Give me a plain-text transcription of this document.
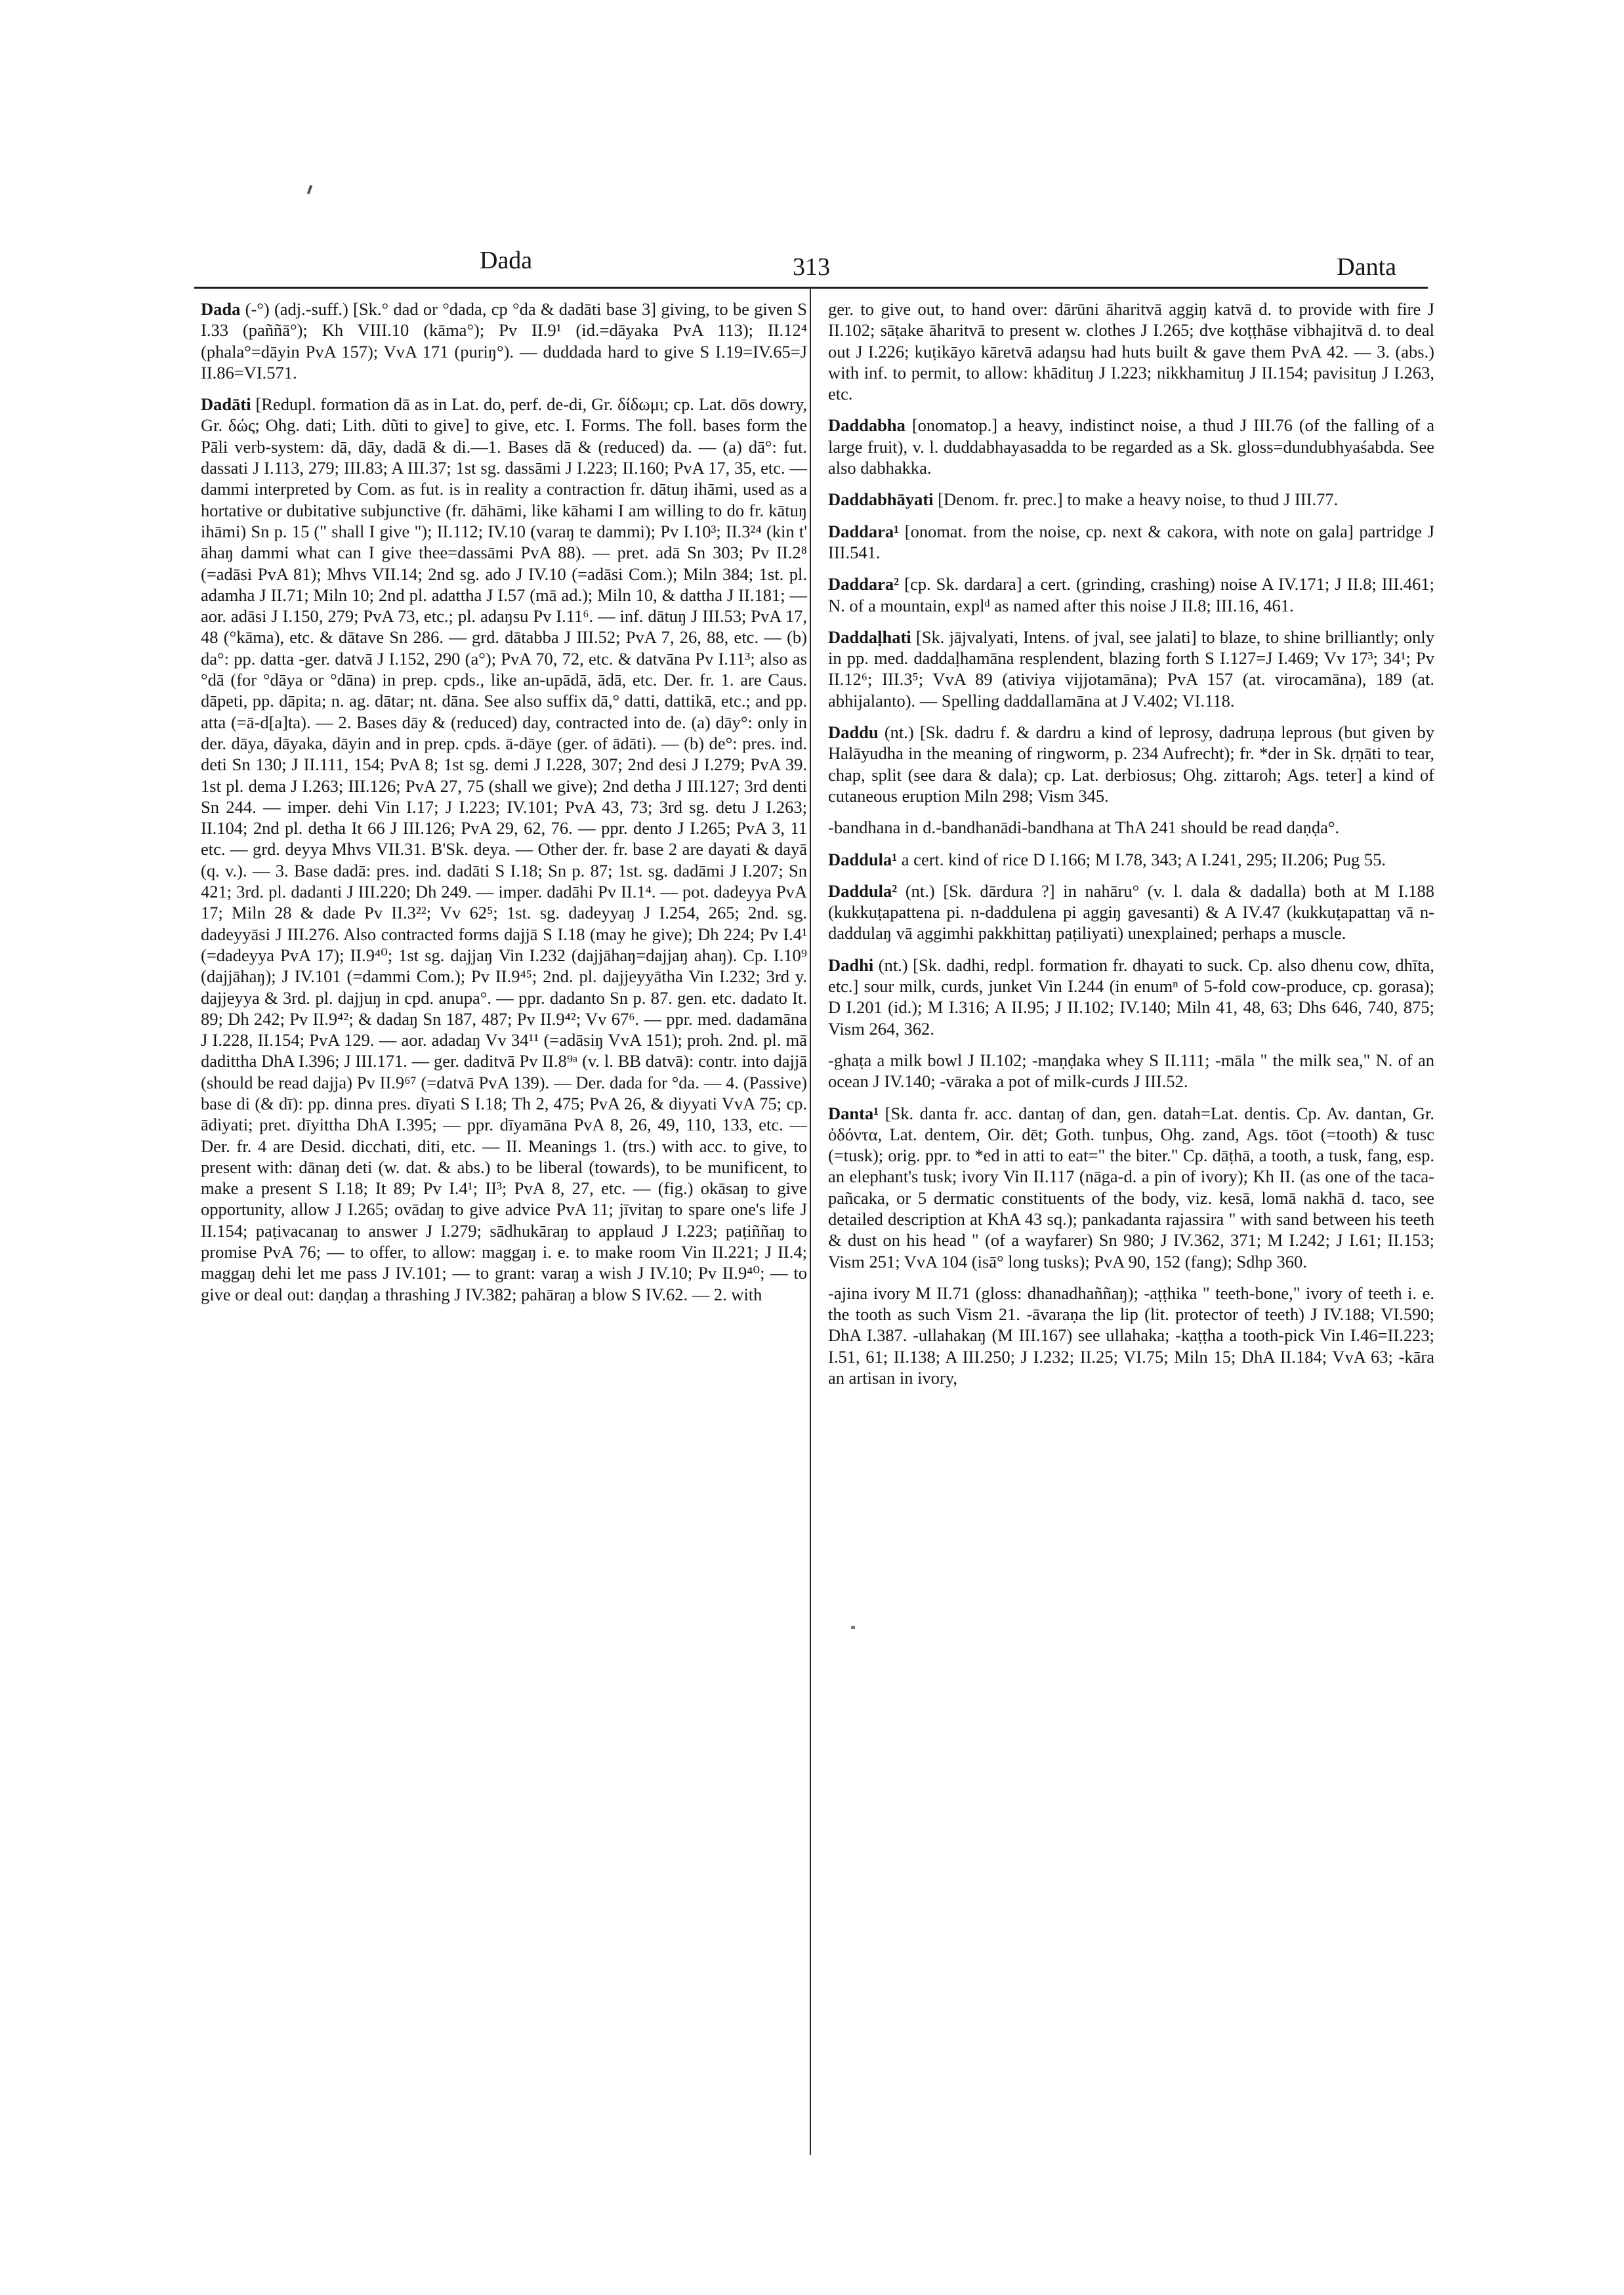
Dada	313	Danta

Dada (-°) (adj.-suff.) [Sk.° dad or °dada, cp °da & dadāti base 3] giving, to be given S I.33 (paññā°); Kh VIII.10 (kāma°); Pv II.9¹ (id.=dāyaka PvA 113); II.12⁴ (phala°=dāyin PvA 157); VvA 171 (puriŋ°). — duddada hard to give S I.19=IV.65=J II.86=VI.571.

Dadāti [Redupl. formation dā as in Lat. do, perf. de-di, Gr. δίδωμι; cp. Lat. dōs dowry, Gr. δώς; Ohg. dati; Lith. dũti to give] to give, etc. I. Forms. The foll. bases form the Pāli verb-system: dā, dāy, dadā & di.—1. Bases dā & (reduced) da. — (a) dā°: fut. dassati J I.113, 279; III.83; A III.37; 1st sg. dassāmi J I.223; II.160; PvA 17, 35, etc. — dammi interpreted by Com. as fut. is in reality a contraction fr. dātuŋ ihāmi, used as a hortative or dubitative subjunctive (fr. dāhāmi, like kāhami I am willing to do fr. kātuŋ ihāmi) Sn p. 15 (" shall I give "); II.112; IV.10 (varaŋ te dammi); Pv I.10³; II.3²⁴ (kin t' āhaŋ dammi what can I give thee=dassāmi PvA 88). — pret. adā Sn 303; Pv II.2⁸ (=adāsi PvA 81); Mhvs VII.14; 2nd sg. ado J IV.10 (=adāsi Com.); Miln 384; 1st. pl. adamha J II.71; Miln 10; 2nd pl. adattha J I.57 (mā ad.); Miln 10, & dattha J II.181; — aor. adāsi J I.150, 279; PvA 73, etc.; pl. adaŋsu Pv I.11⁶. — inf. dātuŋ J III.53; PvA 17, 48 (°kāma), etc. & dātave Sn 286. — grd. dātabba J III.52; PvA 7, 26, 88, etc. — (b) da°: pp. datta -ger. datvā J I.152, 290 (a°); PvA 70, 72, etc. & datvāna Pv I.11³; also as °dā (for °dāya or °dāna) in prep. cpds., like an-upādā, ādā, etc. Der. fr. 1. are Caus. dāpeti, pp. dāpita; n. ag. dātar; nt. dāna. See also suffix dā,° datti, dattikā, etc.; and pp. atta (=ā-d[a]ta). — 2. Bases dāy & (reduced) day, contracted into de. (a) dāy°: only in der. dāya, dāyaka, dāyin and in prep. cpds. ā-dāye (ger. of ādāti). — (b) de°: pres. ind. deti Sn 130; J II.111, 154; PvA 8; 1st sg. demi J I.228, 307; 2nd desi J I.279; PvA 39. 1st pl. dema J I.263; III.126; PvA 27, 75 (shall we give); 2nd detha J III.127; 3rd denti Sn 244. — imper. dehi Vin I.17; J I.223; IV.101; PvA 43, 73; 3rd sg. detu J I.263; II.104; 2nd pl. detha It 66 J III.126; PvA 29, 62, 76. — ppr. dento J I.265; PvA 3, 11 etc. — grd. deyya Mhvs VII.31. B'Sk. deya. — Other der. fr. base 2 are dayati & dayā (q. v.). — 3. Base dadā: pres. ind. dadāti S I.18; Sn p. 87; 1st. sg. dadāmi J I.207; Sn 421; 3rd. pl. dadanti J III.220; Dh 249. — imper. dadāhi Pv II.1⁴. — pot. dadeyya PvA 17; Miln 28 & dade Pv II.3²²; Vv 62⁵; 1st. sg. dadeyyaŋ J I.254, 265; 2nd. sg. dadeyyāsi J III.276. Also contracted forms dajjā S I.18 (may he give); Dh 224; Pv I.4¹ (=dadeyya PvA 17); II.9⁴⁰; 1st sg. dajjaŋ Vin I.232 (dajjāhaŋ=dajjaŋ ahaŋ). Cp. I.10⁹ (dajjāhaŋ); J IV.101 (=dammi Com.); Pv II.9⁴⁵; 2nd. pl. dajjeyyātha Vin I.232; 3rd y. dajjeyya & 3rd. pl. dajjuŋ in cpd. anupa°. — ppr. dadanto Sn p. 87. gen. etc. dadato It. 89; Dh 242; Pv II.9⁴²; & dadaŋ Sn 187, 487; Pv II.9⁴²; Vv 67⁶. — ppr. med. dadamāna J I.228, II.154; PvA 129. — aor. adadaŋ Vv 34¹¹ (=adāsiŋ VvA 151); proh. 2nd. pl. mā dadittha DhA I.396; J III.171. — ger. daditvā Pv II.8⁹ᵃ (v. l. BB datvā): contr. into dajjā (should be read dajja) Pv II.9⁶⁷ (=datvā PvA 139). — Der. dada for °da. — 4. (Passive) base di (& dī): pp. dinna pres. dīyati S I.18; Th 2, 475; PvA 26, & diyyati VvA 75; cp. ādiyati; pret. dīyittha DhA I.395; — ppr. dīyamāna PvA 8, 26, 49, 110, 133, etc. — Der. fr. 4 are Desid. dicchati, diti, etc. — II. Meanings 1. (trs.) with acc. to give, to present with: dānaŋ deti (w. dat. & abs.) to be liberal (towards), to be munificent, to make a present S I.18; It 89; Pv I.4¹; II³; PvA 8, 27, etc. — (fig.) okāsaŋ to give opportunity, allow J I.265; ovādaŋ to give advice PvA 11; jīvitaŋ to spare one's life J II.154; paṭivacanaŋ to answer J I.279; sādhukāraŋ to applaud J I.223; paṭiññaŋ to promise PvA 76; — to offer, to allow: maggaŋ i. e. to make room Vin II.221; J II.4; maggaŋ dehi let me pass J IV.101; — to grant: varaŋ a wish J IV.10; Pv II.9⁴⁰; — to give or deal out: daṇḍaŋ a thrashing J IV.382; pahāraŋ a blow S IV.62. — 2. with

ger. to give out, to hand over: dārūni āharitvā aggiŋ katvā d. to provide with fire J II.102; sāṭake āharitvā to present w. clothes J I.265; dve koṭṭhāse vibhajitvā d. to deal out J I.226; kuṭikāyo kāretvā adaŋsu had huts built & gave them PvA 42. — 3. (abs.) with inf. to permit, to allow: khādituŋ J I.223; nikkhamituŋ J II.154; pavisituŋ J I.263, etc.

Daddabha [onomatop.] a heavy, indistinct noise, a thud J III.76 (of the falling of a large fruit), v. l. duddabhayasadda to be regarded as a Sk. gloss=dundubhyaśabda. See also dabhakka.

Daddabhāyati [Denom. fr. prec.] to make a heavy noise, to thud J III.77.

Daddara¹ [onomat. from the noise, cp. next & cakora, with note on gala] partridge J III.541.

Daddara² [cp. Sk. dardara] a cert. (grinding, crashing) noise A IV.171; J II.8; III.461; N. of a mountain, explᵈ as named after this noise J II.8; III.16, 461.

Daddaḷhati [Sk. jājvalyati, Intens. of jval, see jalati] to blaze, to shine brilliantly; only in pp. med. daddaḷhamāna resplendent, blazing forth S I.127=J I.469; Vv 17³; 34¹; Pv II.12⁶; III.3⁵; VvA 89 (ativiya vijjotamāna); PvA 157 (at. virocamāna), 189 (at. abhijalanto). — Spelling daddallamāna at J V.402; VI.118.

Daddu (nt.) [Sk. dadru f. & dardru a kind of leprosy, dadruṇa leprous (but given by Halāyudha in the meaning of ringworm, p. 234 Aufrecht); fr. *der in Sk. dṛṇāti to tear, chap, split (see dara & dala); cp. Lat. derbiosus; Ohg. zittaroh; Ags. teter] a kind of cutaneous eruption Miln 298; Vism 345.

-bandhana in d.-bandhanādi-bandhana at ThA 241 should be read daṇḍa°.

Daddula¹ a cert. kind of rice D I.166; M I.78, 343; A I.241, 295; II.206; Pug 55.

Daddula² (nt.) [Sk. dārdura ?] in nahāru° (v. l. dala & dadalla) both at M I.188 (kukkuṭapattena pi. n-daddulena pi aggiŋ gavesanti) & A IV.47 (kukkuṭapattaŋ vā n-daddulaŋ vā aggimhi pakkhittaŋ paṭiliyati) unexplained; perhaps a muscle.

Dadhi (nt.) [Sk. dadhi, redpl. formation fr. dhayati to suck. Cp. also dhenu cow, dhīta, etc.] sour milk, curds, junket Vin I.244 (in enumⁿ of 5-fold cow-produce, cp. gorasa); D I.201 (id.); M I.316; A II.95; J II.102; IV.140; Miln 41, 48, 63; Dhs 646, 740, 875; Vism 264, 362.

-ghaṭa a milk bowl J II.102; -maṇḍaka whey S II.111; -māla " the milk sea," N. of an ocean J IV.140; -vāraka a pot of milk-curds J III.52.

Danta¹ [Sk. danta fr. acc. dantaŋ of dan, gen. datah=Lat. dentis. Cp. Av. dantan, Gr. ὀδόντα, Lat. dentem, Oir. dēt; Goth. tunþus, Ohg. zand, Ags. tōot (=tooth) & tusc (=tusk); orig. ppr. to *ed in atti to eat=" the biter." Cp. dāṭhā, a tooth, a tusk, fang, esp. an elephant's tusk; ivory Vin II.117 (nāga-d. a pin of ivory); Kh II. (as one of the taca-pañcaka, or 5 dermatic constituents of the body, viz. kesā, lomā nakhā d. taco, see detailed description at KhA 43 sq.); pankadanta rajassira " with sand between his teeth & dust on his head " (of a wayfarer) Sn 980; J IV.362, 371; M I.242; J I.61; II.153; Vism 251; VvA 104 (isā° long tusks); PvA 90, 152 (fang); Sdhp 360.

-ajina ivory M II.71 (gloss: dhanadhaññaŋ); -aṭṭhika " teeth-bone," ivory of teeth i. e. the tooth as such Vism 21. -āvaraṇa the lip (lit. protector of teeth) J IV.188; VI.590; DhA I.387. -ullahakaŋ (M III.167) see ullahaka; -kaṭṭha a tooth-pick Vin I.46=II.223; I.51, 61; II.138; A III.250; J I.232; II.25; VI.75; Miln 15; DhA II.184; VvA 63; -kāra an artisan in ivory,
